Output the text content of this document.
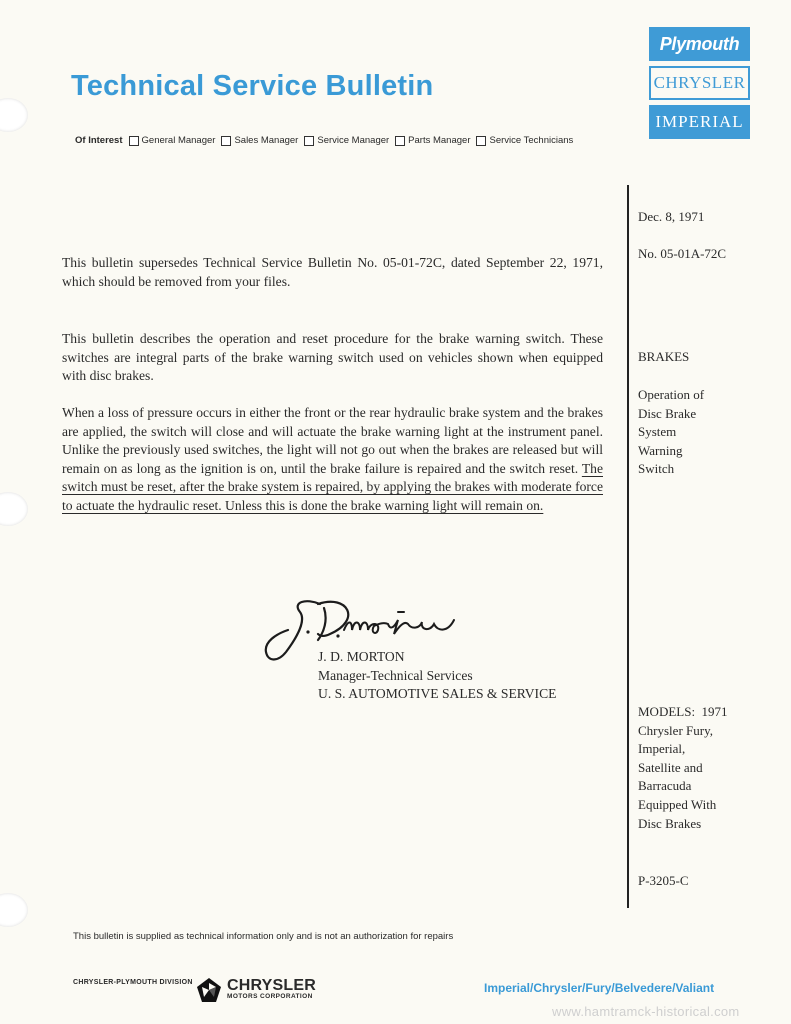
Technical Service Bulletin
Of Interest General Manager Sales Manager Service Manager Parts Manager Service Technicians
Plymouth
CHRYSLER
IMPERIAL
Dec. 8, 1971
No. 05-01A-72C
BRAKES
Operation of
Disc Brake
System
Warning
Switch
MODELS:  1971
Chrysler Fury,
Imperial,
Satellite and
Barracuda
Equipped With
Disc Brakes
P-3205-C

This bulletin supersedes Technical Service Bulletin No. 05-01-72C, dated September 22, 1971, which should be removed from your files.

This bulletin describes the operation and reset procedure for the brake warning switch. These switches are integral parts of the brake warning switch used on vehicles shown when equipped with disc brakes.

When a loss of pressure occurs in either the front or the rear hydraulic brake system and the brakes are applied, the switch will close and will actuate the brake warning light at the instrument panel. Unlike the previously used switches, the light will not go out when the brakes are released but will remain on as long as the ignition is on, until the brake failure is repaired and the switch reset. The switch must be reset, after the brake system is repaired, by applying the brakes with moderate force to actuate the hydraulic reset. Unless this is done the brake warning light will remain on.

J. D. MORTON
Manager-Technical Services
U. S. AUTOMOTIVE SALES & SERVICE
This bulletin is supplied as technical information only and is not an authorization for repairs
CHRYSLER-PLYMOUTH DIVISION CHRYSLER
MOTORS CORPORATION
Imperial/Chrysler/Fury/Belvedere/Valiant
www.hamtramck-historical.com
